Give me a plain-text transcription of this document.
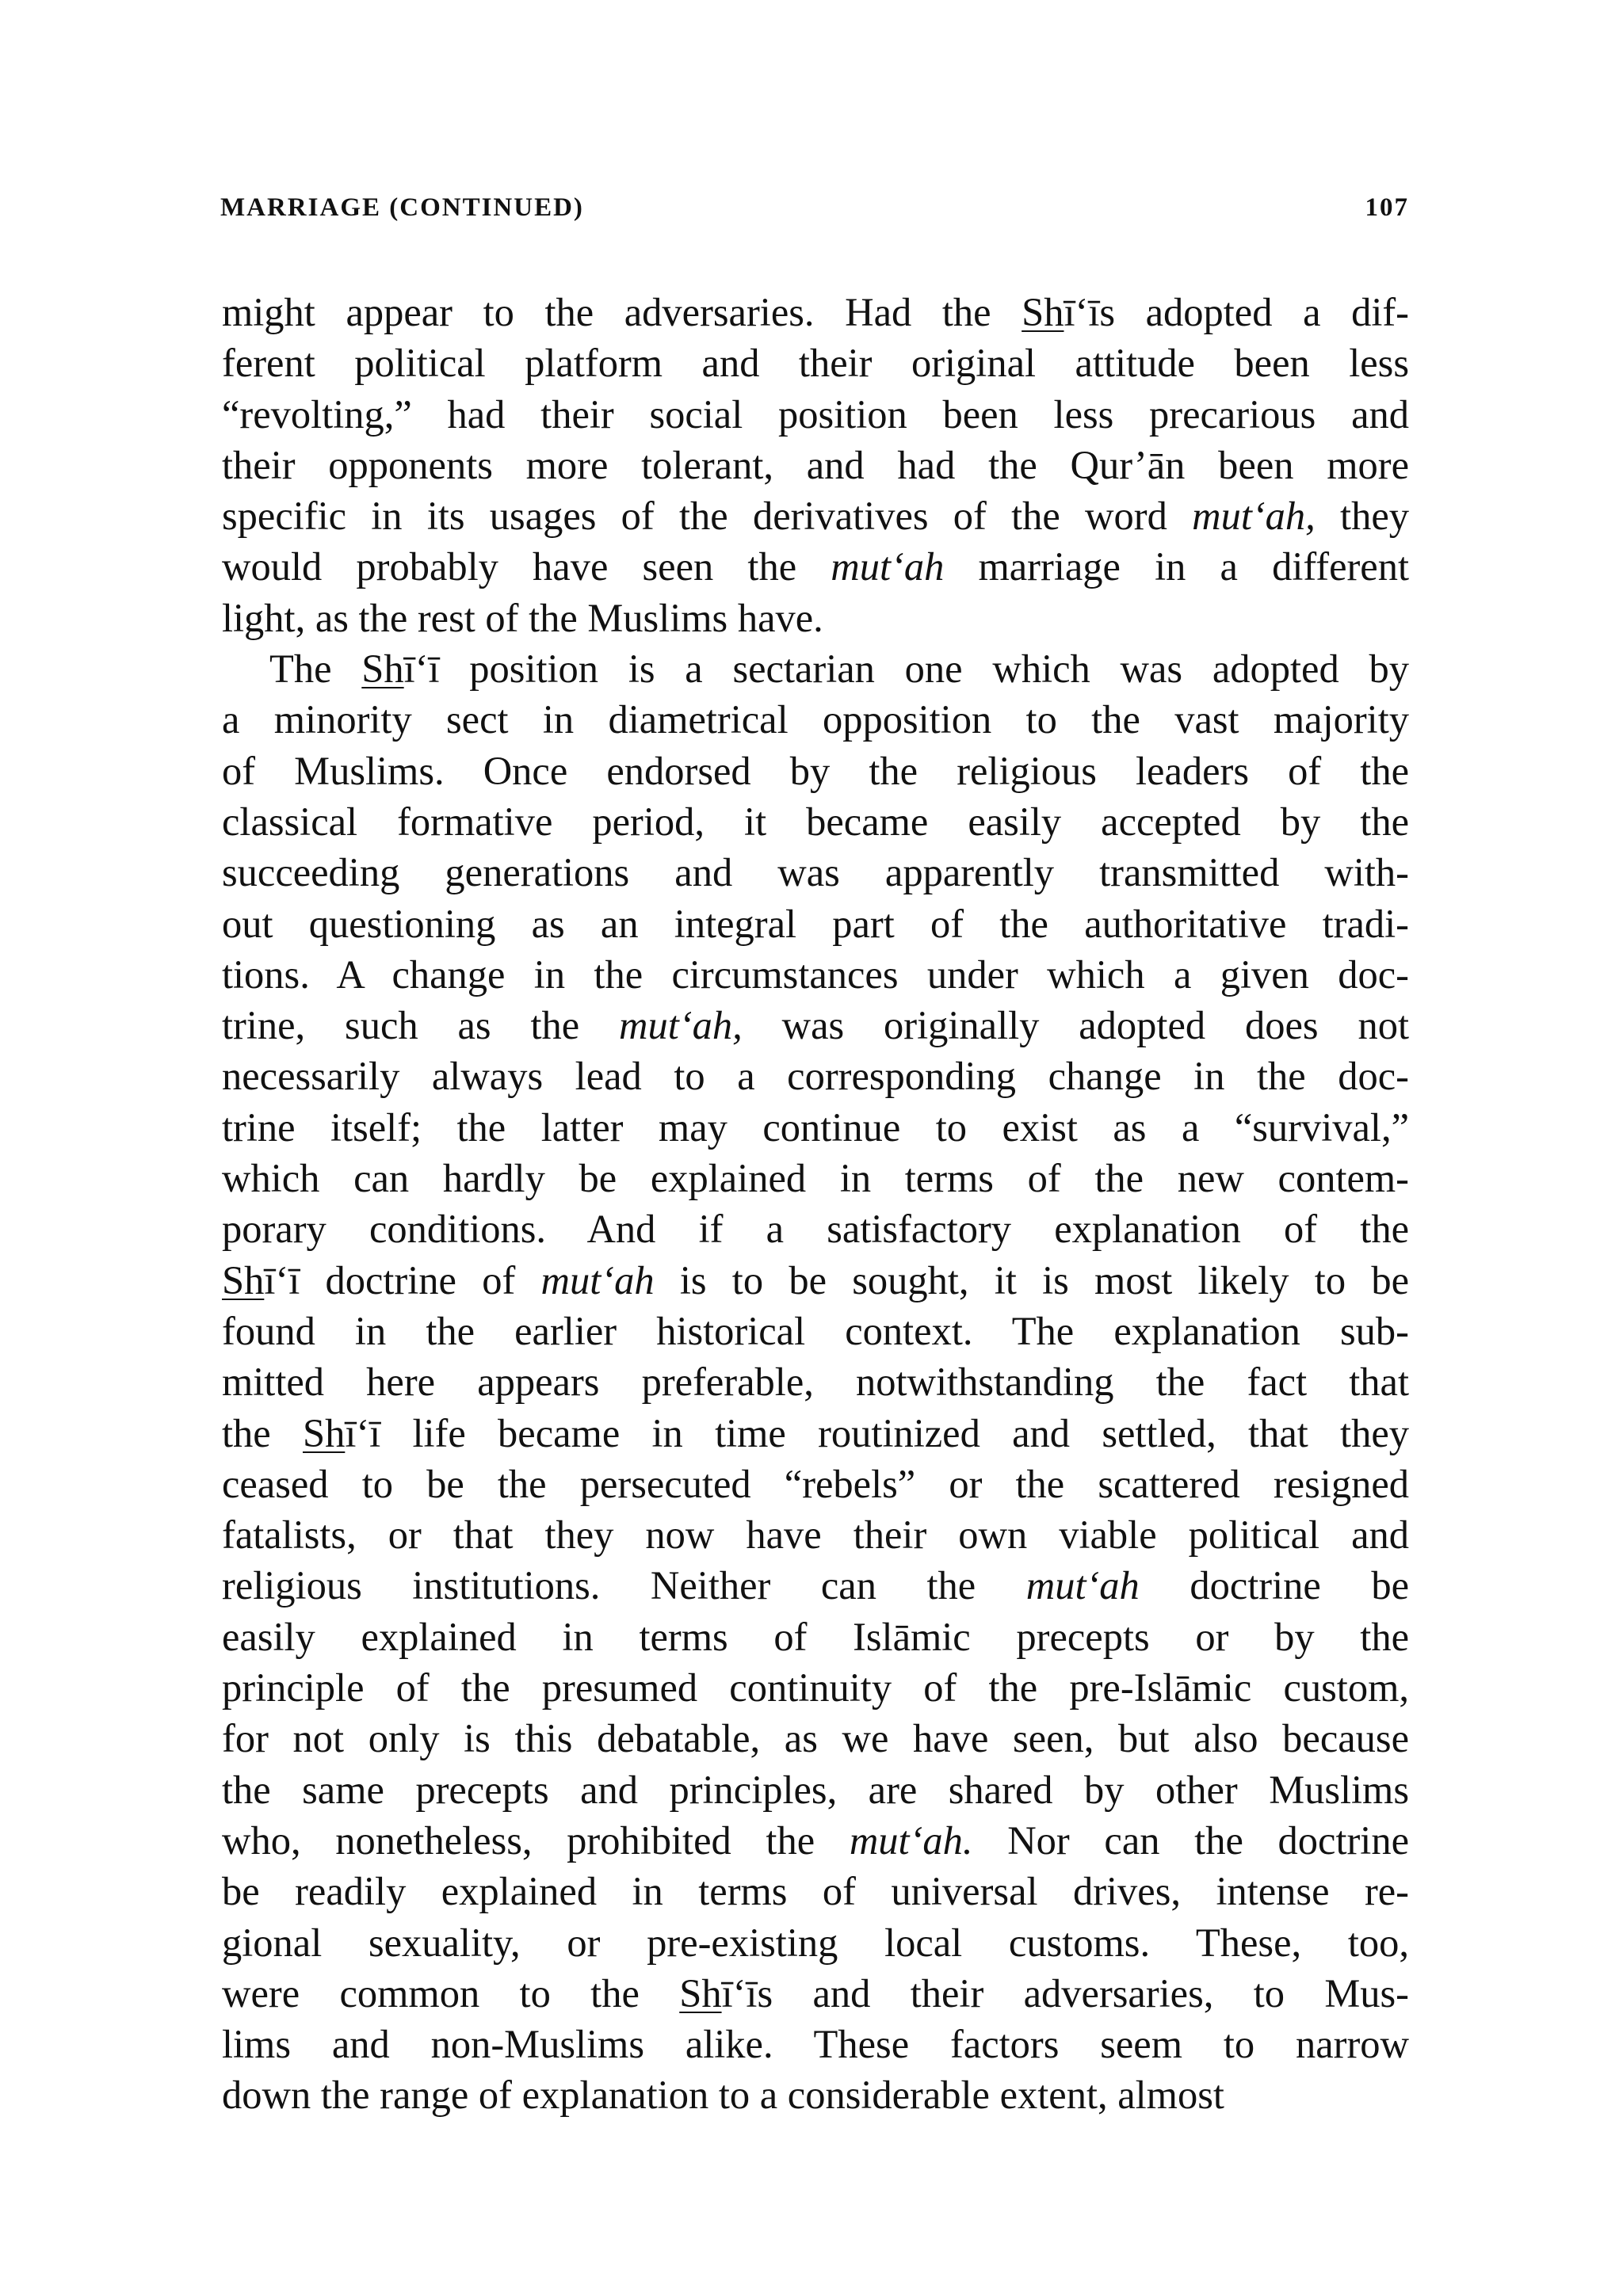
MARRIAGE (CONTINUED)	107
might appear to the adversaries. Had the Shī‘īs adopted a dif-
ferent political platform and their original attitude been less
“revolting,” had their social position been less precarious and
their opponents more tolerant, and had the Qur’ān been more
specific in its usages of the derivatives of the word mut‘ah, they
would probably have seen the mut‘ah marriage in a different
light, as the rest of the Muslims have.
The Shī‘ī position is a sectarian one which was adopted by
a minority sect in diametrical opposition to the vast majority
of Muslims. Once endorsed by the religious leaders of the
classical formative period, it became easily accepted by the
succeeding generations and was apparently transmitted with-
out questioning as an integral part of the authoritative tradi-
tions. A change in the circumstances under which a given doc-
trine, such as the mut‘ah, was originally adopted does not
necessarily always lead to a corresponding change in the doc-
trine itself; the latter may continue to exist as a “survival,”
which can hardly be explained in terms of the new contem-
porary conditions. And if a satisfactory explanation of the
Shī‘ī doctrine of mut‘ah is to be sought, it is most likely to be
found in the earlier historical context. The explanation sub-
mitted here appears preferable, notwithstanding the fact that
the Shī‘ī life became in time routinized and settled, that they
ceased to be the persecuted “rebels” or the scattered resigned
fatalists, or that they now have their own viable political and
religious institutions. Neither can the mut‘ah doctrine be
easily explained in terms of Islāmic precepts or by the
principle of the presumed continuity of the pre-Islāmic custom,
for not only is this debatable, as we have seen, but also because
the same precepts and principles, are shared by other Muslims
who, nonetheless, prohibited the mut‘ah. Nor can the doctrine
be readily explained in terms of universal drives, intense re-
gional sexuality, or pre-existing local customs. These, too,
were common to the Shī‘īs and their adversaries, to Mus-
lims and non-Muslims alike. These factors seem to narrow
down the range of explanation to a considerable extent, almost
